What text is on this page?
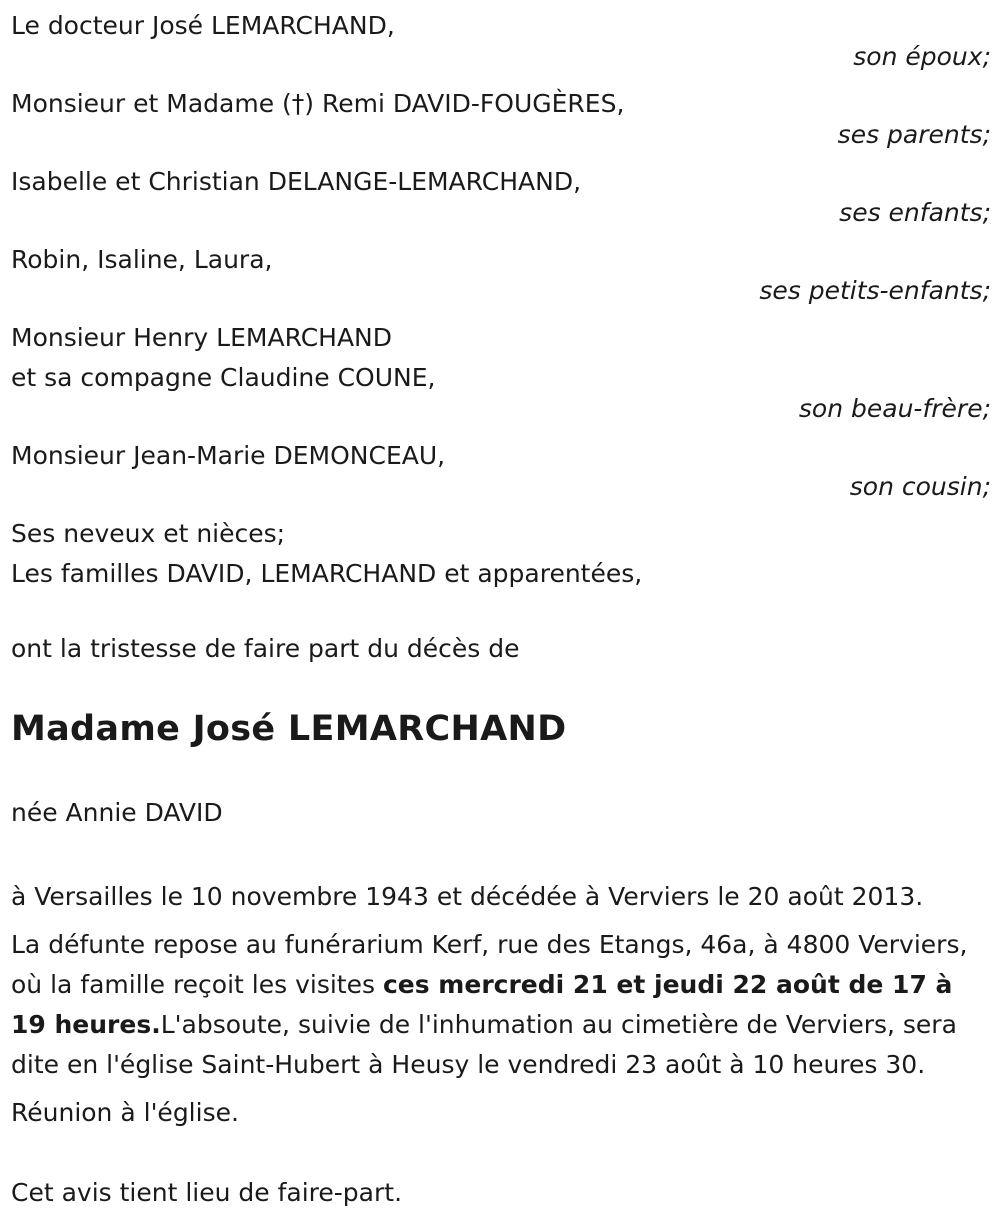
Le docteur José LEMARCHAND,
son époux;
Monsieur et Madame (†) Remi DAVID-FOUGÈRES,
ses parents;
Isabelle et Christian DELANGE-LEMARCHAND,
ses enfants;
Robin, Isaline, Laura,
ses petits-enfants;
Monsieur Henry LEMARCHAND
et sa compagne Claudine COUNE,
son beau-frère;
Monsieur Jean-Marie DEMONCEAU,
son cousin;
Ses neveux et nièces;
Les familles DAVID, LEMARCHAND et apparentées,
ont la tristesse de faire part du décès de
Madame José LEMARCHAND
née Annie DAVID
à Versailles le 10 novembre 1943 et décédée à Verviers le 20 août 2013.
La défunte repose au funérarium Kerf, rue des Etangs, 46a, à 4800 Verviers, où la famille reçoit les visites ces mercredi 21 et jeudi 22 août de 17 à 19 heures.L'absoute, suivie de l'inhumation au cimetière de Verviers, sera dite en l'église Saint-Hubert à Heusy le vendredi 23 août à 10 heures 30.
Réunion à l'église.
Cet avis tient lieu de faire-part.
